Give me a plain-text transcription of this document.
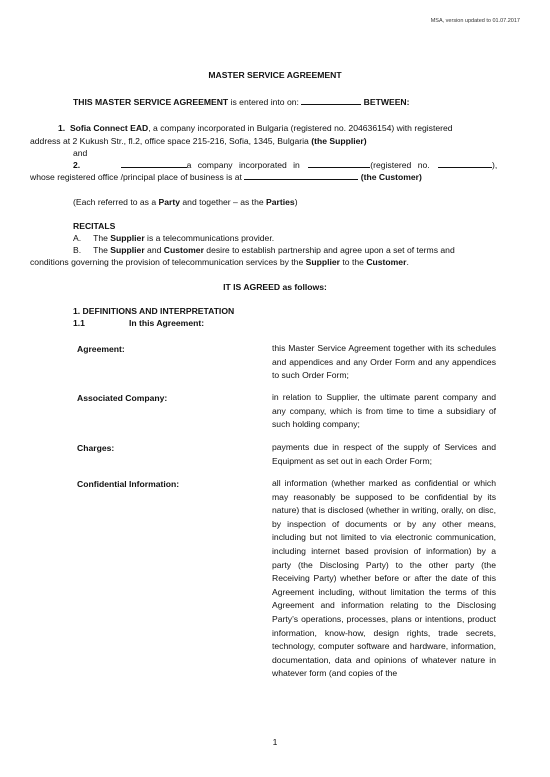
MSA, version updated to 01.07.2017
MASTER SERVICE AGREEMENT
THIS MASTER SERVICE AGREEMENT is entered into on:	BETWEEN:
1. Sofia Connect EAD, a company incorporated in Bulgaria (registered no. 204636154) with registered
address at 2 Kukush Str., fl.2, office space 215-216, Sofia, 1345, Bulgaria (the Supplier)
and
2.	a company incorporated in	(registered no.	),
whose registered office /principal place of business is at	(the Customer)
(Each referred to as a Party and together – as the Parties)
RECITALS
A. The Supplier is a telecommunications provider.
B. The Supplier and Customer desire to establish partnership and agree upon a set of terms and
conditions governing the provision of telecommunication services by the Supplier to the Customer.
IT IS AGREED as follows:
1. DEFINITIONS AND INTERPRETATION
1.1	In this Agreement:
Agreement:	this Master Service Agreement together with its schedules and appendices and any Order Form and any appendices to such Order Form;
Associated Company:	in relation to Supplier, the ultimate parent company and any company, which is from time to time a subsidiary of such holding company;
Charges:	payments due in respect of the supply of Services and Equipment as set out in each Order Form;
Confidential Information:	all information (whether marked as confidential or which may reasonably be supposed to be confidential by its nature) that is disclosed (whether in writing, orally, on disc, by inspection of documents or by any other means, including but not limited to via electronic communication, including internet based provision of information) by a party (the Disclosing Party) to the other party (the Receiving Party) whether before or after the date of this Agreement including, without limitation the terms of this Agreement and information relating to the Disclosing Party’s operations, processes, plans or intentions, product information, know-how, design rights, trade secrets, technology, computer software and hardware, information, documentation, data and opinions of whatever nature in whatever form (and copies of the
1
